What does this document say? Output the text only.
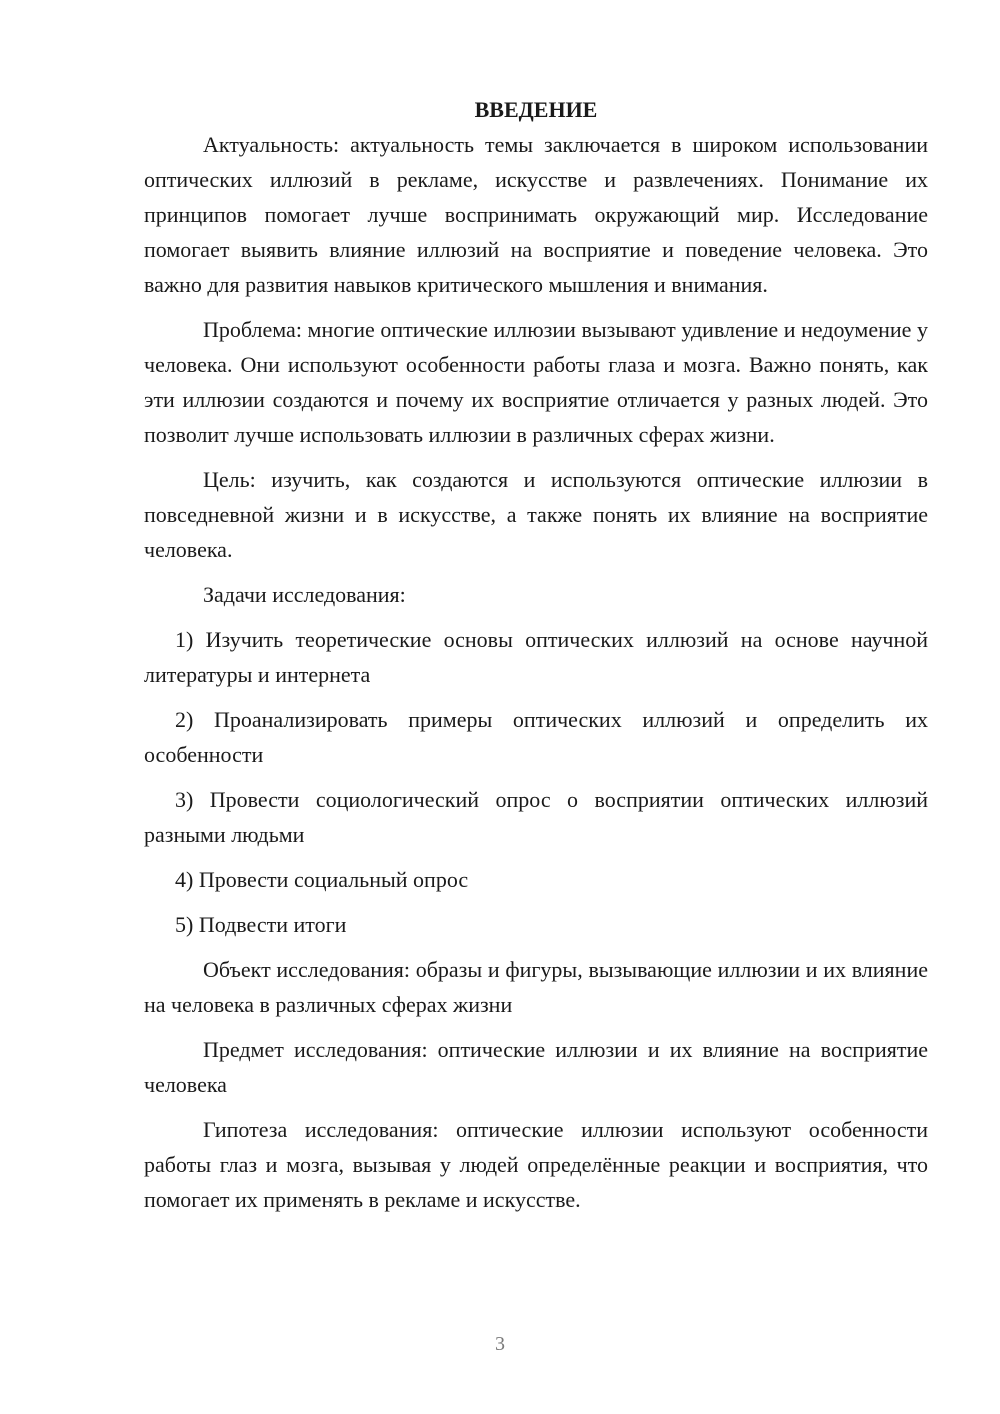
ВВЕДЕНИЕ

Актуальность: актуальность темы заключается в широком использовании оптических иллюзий в рекламе, искусстве и развлечениях. Понимание их принципов помогает лучше воспринимать окружающий мир. Исследование помогает выявить влияние иллюзий на восприятие и поведение человека. Это важно для развития навыков критического мышления и внимания.

Проблема: многие оптические иллюзии вызывают удивление и недоумение у человека. Они используют особенности работы глаза и мозга. Важно понять, как эти иллюзии создаются и почему их восприятие отличается у разных людей. Это позволит лучше использовать иллюзии в различных сферах жизни.

Цель: изучить, как создаются и используются оптические иллюзии в повседневной жизни и в искусстве, а также понять их влияние на восприятие человека.

Задачи исследования:

1) Изучить теоретические основы оптических иллюзий на основе научной литературы и интернета

2) Проанализировать примеры оптических иллюзий и определить их особенности

3) Провести социологический опрос о восприятии оптических иллюзий разными людьми

4) Провести социальный опрос

5) Подвести итоги

Объект исследования: образы и фигуры, вызывающие иллюзии и их влияние на человека в различных сферах жизни

Предмет исследования: оптические иллюзии и их влияние на восприятие человека

Гипотеза исследования: оптические иллюзии используют особенности работы глаз и мозга, вызывая у людей определённые реакции и восприятия, что помогает их применять в рекламе и искусстве.

3
